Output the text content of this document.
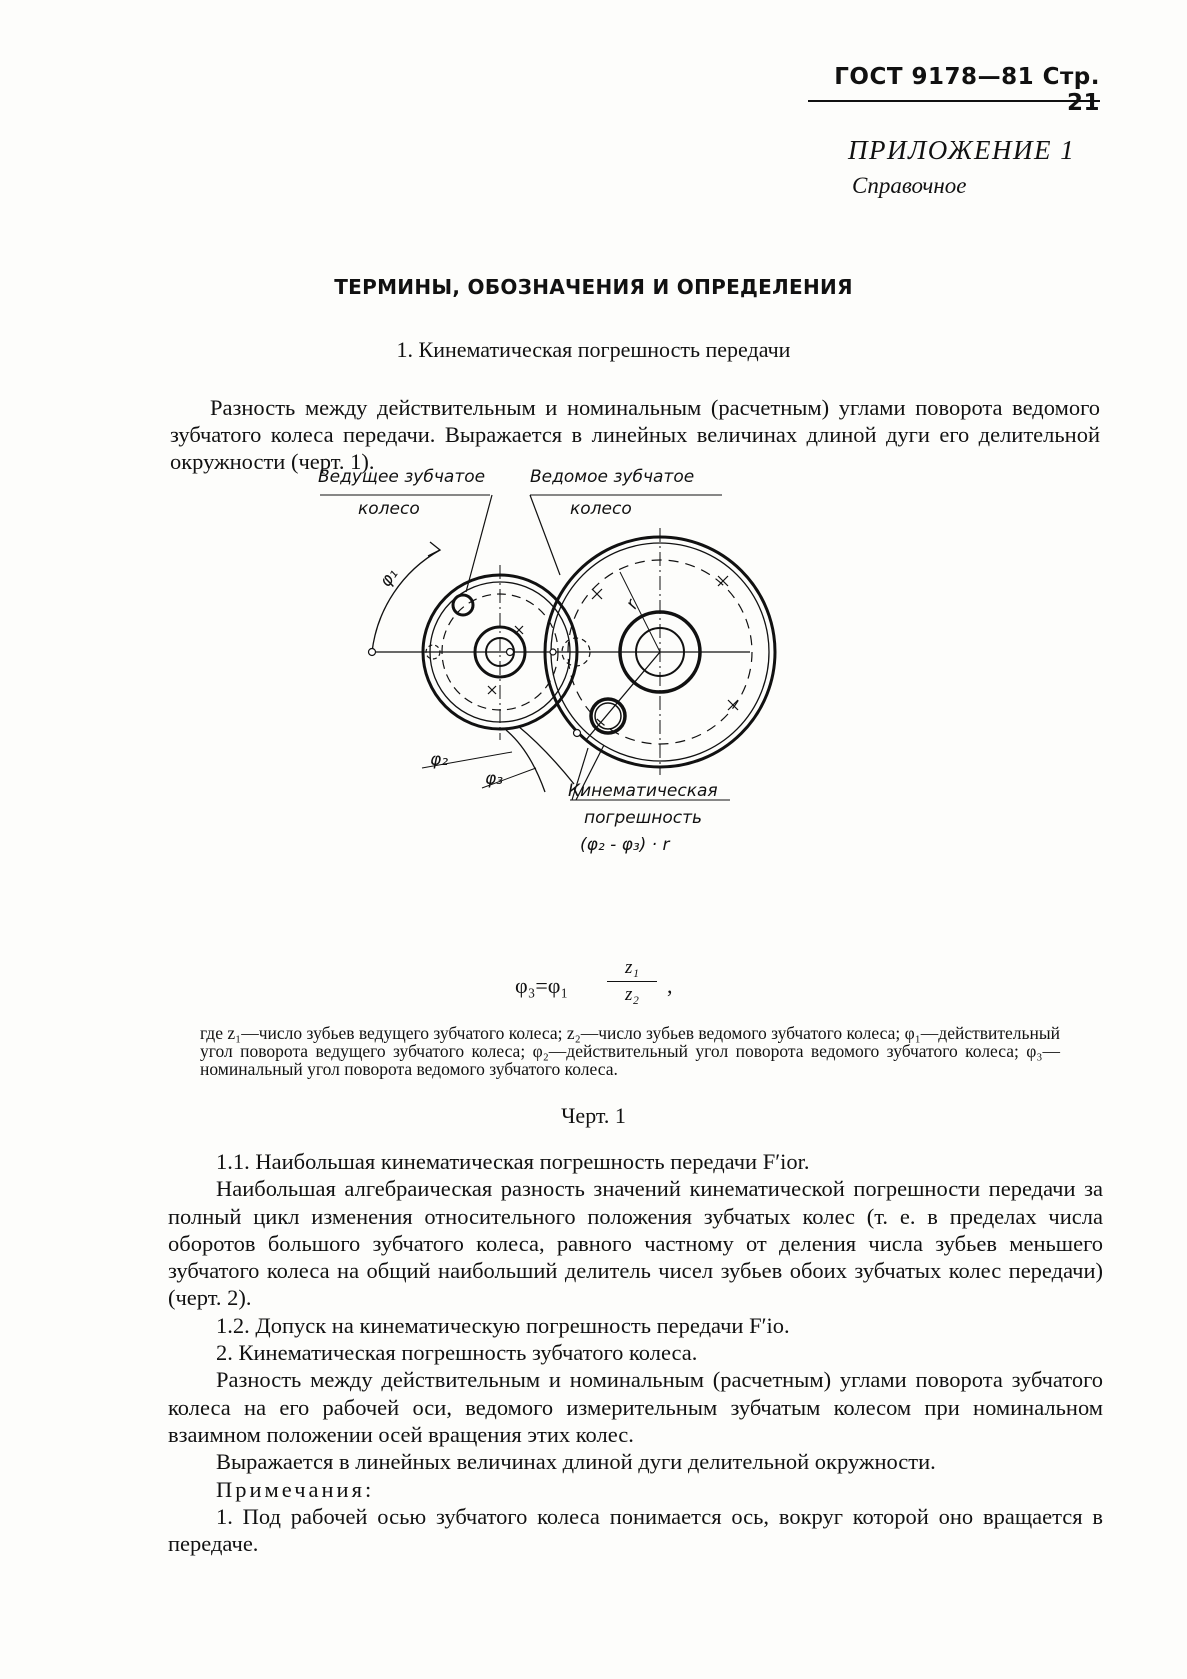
ГОСТ 9178—81 Стр. 21
ПРИЛОЖЕНИЕ 1
Справочное
ТЕРМИНЫ, ОБОЗНАЧЕНИЯ И ОПРЕДЕЛЕНИЯ
1. Кинематическая погрешность передачи
Разность между действительным и номинальным (расчетным) углами поворота ведомого зубчатого колеса передачи. Выражается в линейных величинах длиной дуги его делительной окружности (черт. 1).
Ведущее зубчатое
колесо
Ведомое зубчатое
колесо
φ₁
r
φ₂
φ₃
Кинематическая
погрешность
(φ₂ - φ₃) · r
φ₃=φ₁
z₁
z₂	,
где z₁—число зубьев ведущего зубчатого колеса; z₂—число зубьев ведомого зубчатого колеса; φ₁—действительный угол поворота ведущего зубчатого колеса; φ₂—действительный угол поворота ведомого зубчатого колеса; φ₃—номинальный угол поворота ведомого зубчатого колеса.
Черт. 1

1.1. Наибольшая кинематическая погрешность передачи F′ior.

Наибольшая алгебраическая разность значений кинематической погрешности передачи за полный цикл изменения относительного положения зубчатых колес (т. е. в пределах числа оборотов большого зубчатого колеса, равного частному от деления числа зубьев меньшего зубчатого колеса на общий наибольший делитель чисел зубьев обоих зубчатых колес передачи) (черт. 2).

1.2. Допуск на кинематическую погрешность передачи F′io.

2. Кинематическая погрешность зубчатого колеса.

Разность между действительным и номинальным (расчетным) углами поворота зубчатого колеса на его рабочей оси, ведомого измерительным зубчатым колесом при номинальном взаимном положении осей вращения этих колес.

Выражается в линейных величинах длиной дуги делительной окружности.

Примечания:

1. Под рабочей осью зубчатого колеса понимается ось, вокруг которой оно вращается в передаче.
